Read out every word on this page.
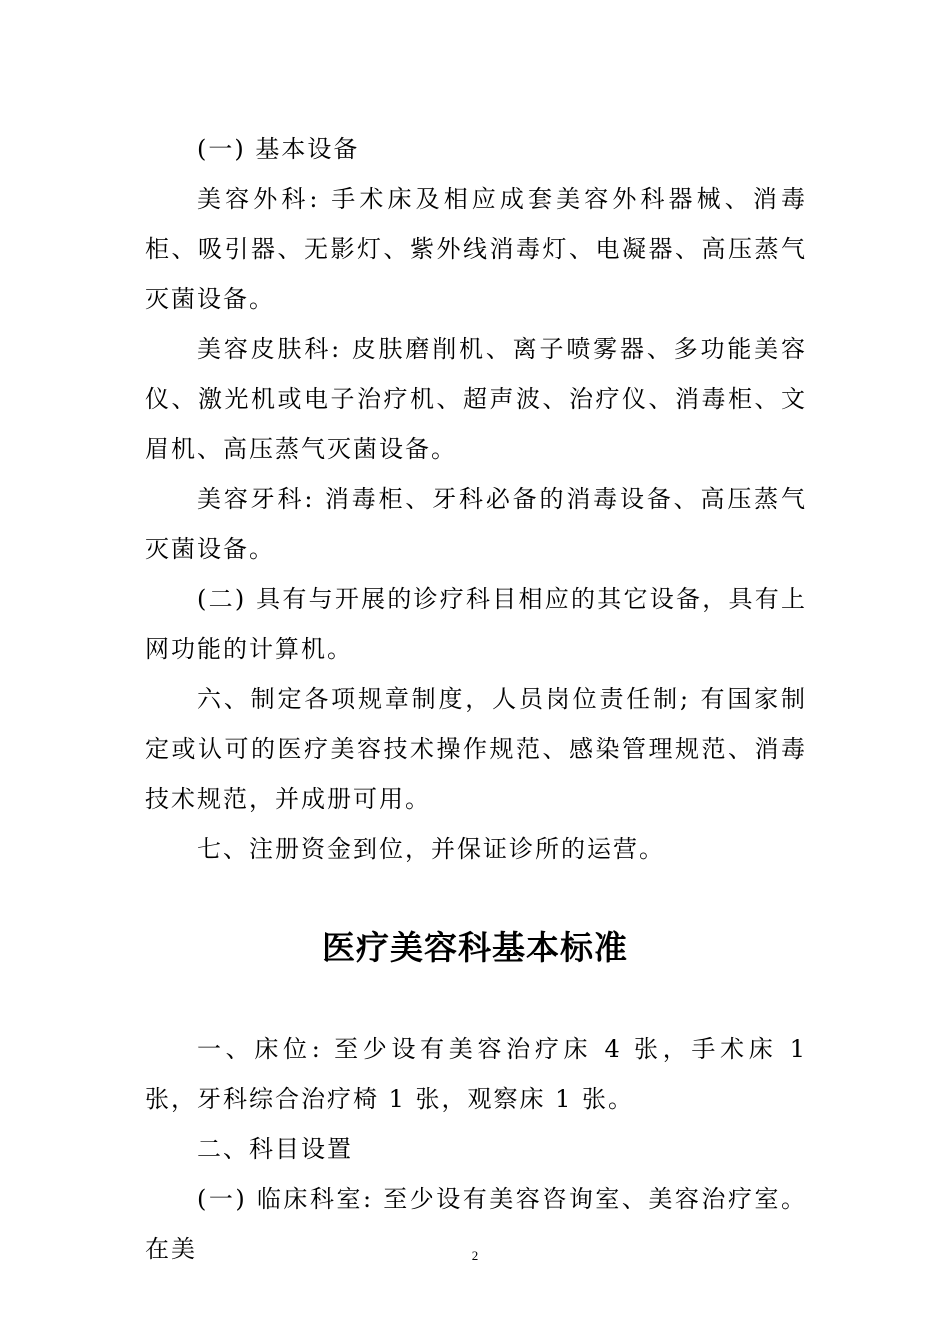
(一) 基本设备

美容外科: 手术床及相应成套美容外科器械、消毒柜、吸引器、无影灯、紫外线消毒灯、电凝器、高压蒸气灭菌设备。

美容皮肤科: 皮肤磨削机、离子喷雾器、多功能美容仪、激光机或电子治疗机、超声波、治疗仪、消毒柜、文眉机、高压蒸气灭菌设备。

美容牙科: 消毒柜、牙科必备的消毒设备、高压蒸气灭菌设备。

(二) 具有与开展的诊疗科目相应的其它设备，具有上网功能的计算机。

六、制定各项规章制度，人员岗位责任制; 有国家制定或认可的医疗美容技术操作规范、感染管理规范、消毒技术规范，并成册可用。

七、注册资金到位，并保证诊所的运营。

医疗美容科基本标准

一、床位: 至少设有美容治疗床 4 张，手术床 1 张，牙科综合治疗椅 1 张，观察床 1 张。

二、科目设置

(一) 临床科室: 至少设有美容咨询室、美容治疗室。在美	2
